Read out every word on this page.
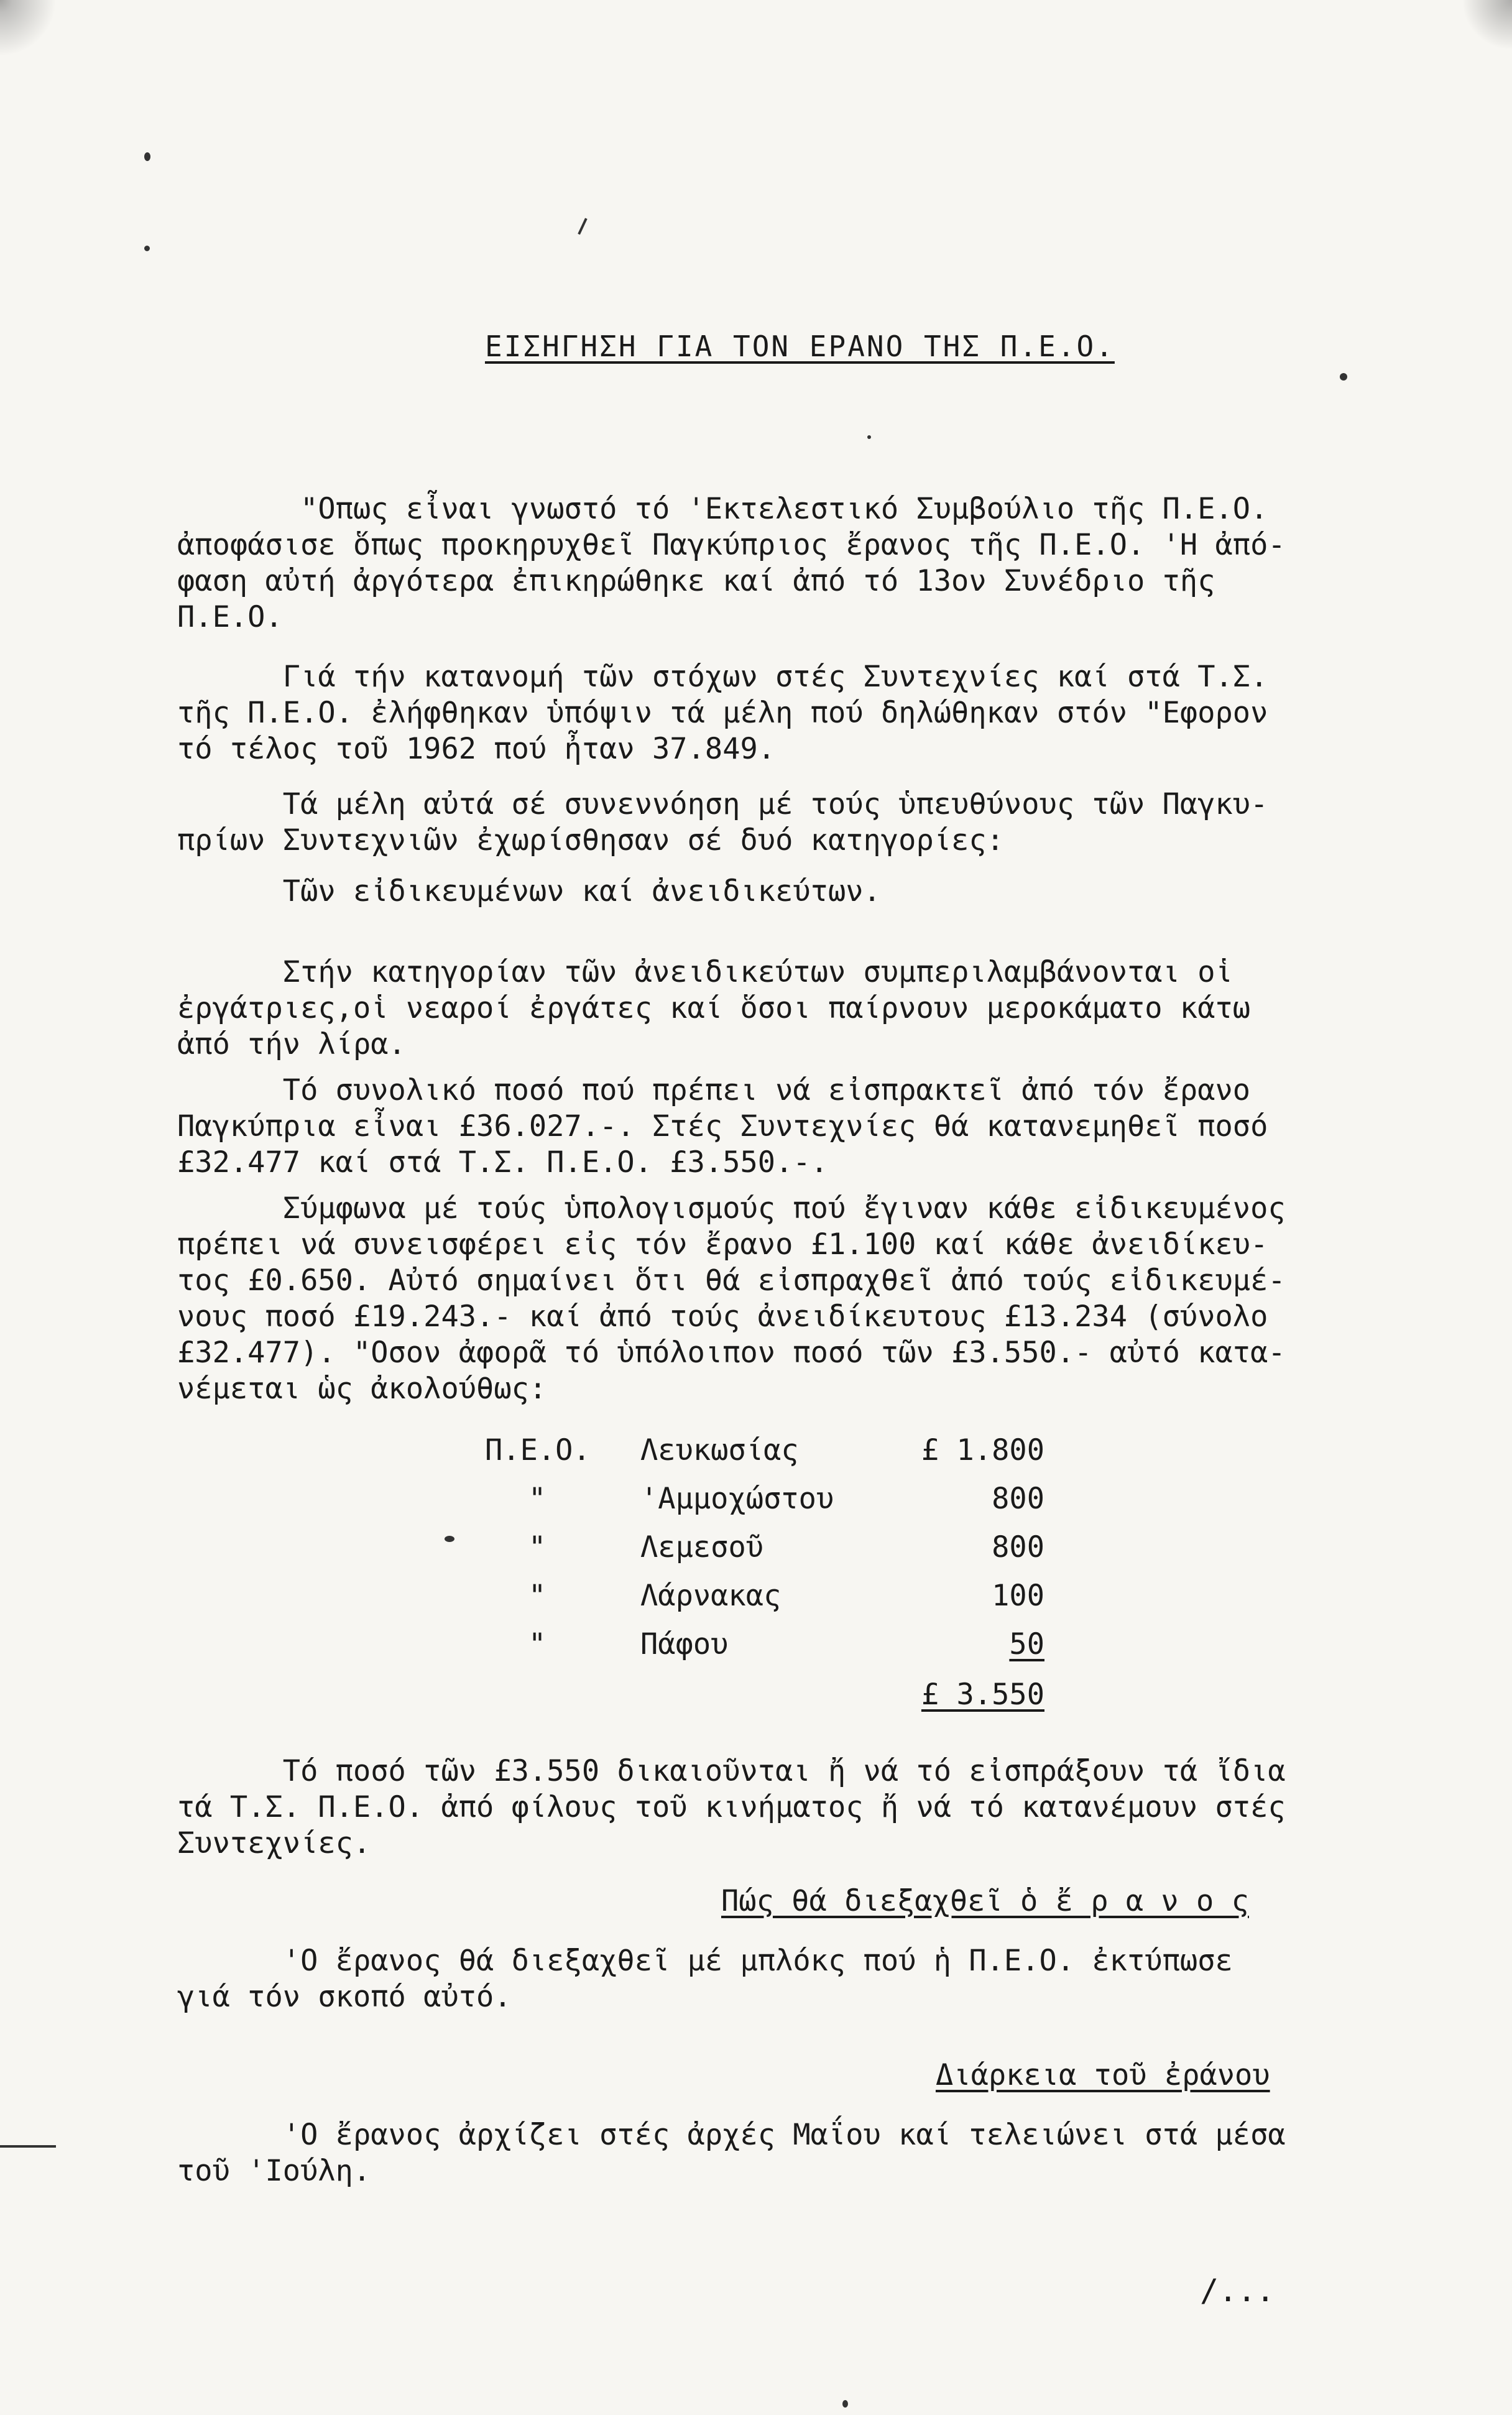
ΕΙΣΗΓΗΣΗ ΓΙΑ ΤΟΝ ΕΡΑΝΟ ΤΗΣ Π.Ε.Ο.
"Οπως εἶναι γνωστό τό 'Εκτελεστικό Συμβούλιο τῆς Π.Ε.Ο.
ἀποφάσισε ὅπως προκηρυχθεῖ Παγκύπριος ἔρανος τῆς Π.Ε.Ο. 'Η ἀπό-
φαση αὐτή ἀργότερα ἐπικηρώθηκε καί ἀπό τό 13ον Συνέδριο τῆς
Π.Ε.Ο.
Γιά τήν κατανομή τῶν στόχων στές Συντεχνίες καί στά Τ.Σ.
τῆς Π.Ε.Ο. ἐλήφθηκαν ὑπόψιν τά μέλη πού δηλώθηκαν στόν "Εφορον
τό τέλος τοῦ 1962 πού ἦταν 37.849.
Τά μέλη αὐτά σέ συνεννόηση μέ τούς ὑπευθύνους τῶν Παγκυ-
πρίων Συντεχνιῶν ἐχωρίσθησαν σέ δυό κατηγορίες:
Τῶν εἰδικευμένων καί ἀνειδικεύτων.
Στήν κατηγορίαν τῶν ἀνειδικεύτων συμπεριλαμβάνονται οἱ
ἐργάτριες,οἱ νεαροί ἐργάτες καί ὅσοι παίρνουν μεροκάματο κάτω
ἀπό τήν λίρα.
Τό συνολικό ποσό πού πρέπει νά εἰσπρακτεῖ ἀπό τόν ἔρανο
Παγκύπρια εἶναι £36.027.-. Στές Συντεχνίες θά κατανεμηθεῖ ποσό
£32.477 καί στά Τ.Σ. Π.Ε.Ο. £3.550.-.
Σύμφωνα μέ τούς ὑπολογισμούς πού ἔγιναν κάθε εἰδικευμένος
πρέπει νά συνεισφέρει εἰς τόν ἔρανο £1.100 καί κάθε ἀνειδίκευ-
τος £0.650. Αὐτό σημαίνει ὅτι θά εἰσπραχθεῖ ἀπό τούς εἰδικευμέ-
νους ποσό £19.243.- καί ἀπό τούς ἀνειδίκευτους £13.234 (σύνολο
£32.477). "Οσον ἀφορᾶ τό ὑπόλοιπον ποσό τῶν £3.550.- αὐτό κατα-
νέμεται ὡς ἀκολούθως:
Π.Ε.Ο. Λευκωσίας	£ 1.800
"	'Αμμοχώστου	800
"	Λεμεσοῦ	800
"	Λάρνακας	100
"	Πάφου	50
£ 3.550
Τό ποσό τῶν £3.550 δικαιοῦνται ἤ νά τό εἰσπράξουν τά ἴδια
τά Τ.Σ. Π.Ε.Ο. ἀπό φίλους τοῦ κινήματος ἤ νά τό κατανέμουν στές
Συντεχνίες.
Πώς θά διεξαχθεῖ ὁ ἔ ρ α ν ο ς
'Ο ἔρανος θά διεξαχθεῖ μέ μπλόκς πού ἡ Π.Ε.Ο. ἐκτύπωσε
γιά τόν σκοπό αὐτό.
Διάρκεια τοῦ ἐράνου
'Ο ἔρανος ἀρχίζει στές ἀρχές Μαΐου καί τελειώνει στά μέσα
τοῦ 'Ιούλη.
/...
